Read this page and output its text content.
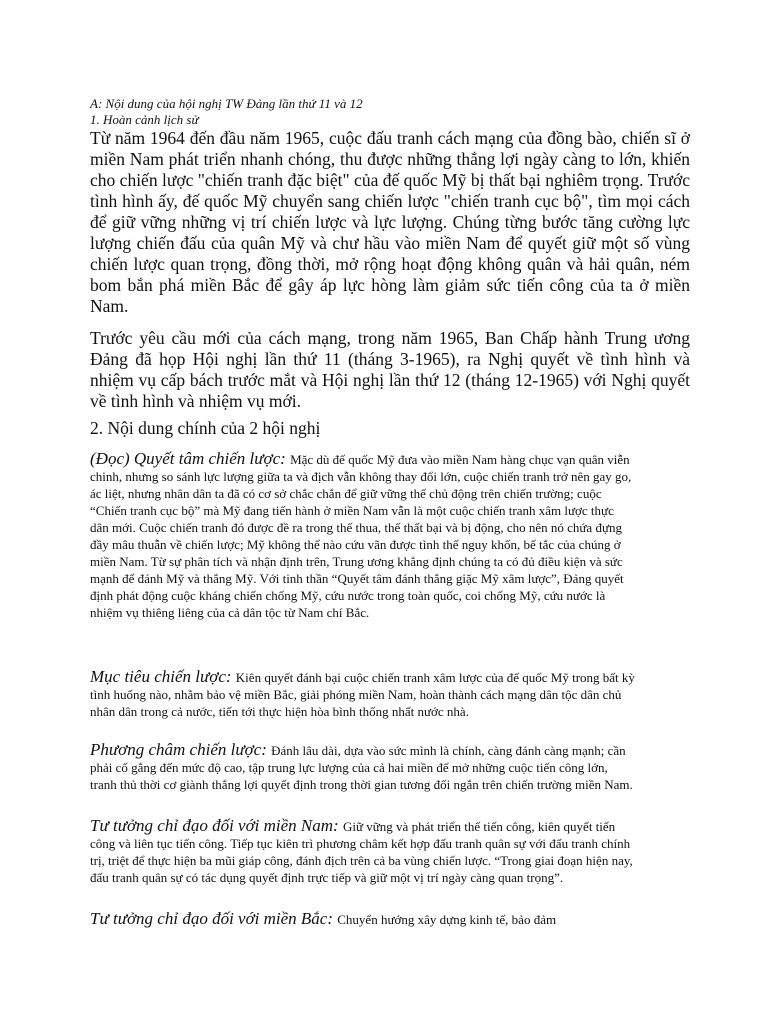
A: Nội dung của hội nghị TW Đảng lần thứ 11 và 12
1. Hoàn cảnh lịch sử
Từ năm 1964 đến đầu năm 1965, cuộc đấu tranh cách mạng của đồng bào, chiến sĩ ở miền Nam phát triển nhanh chóng, thu được những thắng lợi ngày càng to lớn, khiến cho chiến lược "chiến tranh đặc biệt" của đế quốc Mỹ bị thất bại nghiêm trọng. Trước tình hình ấy, đế quốc Mỹ chuyển sang chiến lược "chiến tranh cục bộ", tìm mọi cách để giữ vững những vị trí chiến lược và lực lượng. Chúng từng bước tăng cường lực lượng chiến đấu của quân Mỹ và chư hầu vào miền Nam để quyết giữ một số vùng chiến lược quan trọng, đồng thời, mở rộng hoạt động không quân và hải quân, ném bom bắn phá miền Bắc để gây áp lực hòng làm giảm sức tiến công của ta ở miền Nam.
Trước yêu cầu mới của cách mạng, trong năm 1965, Ban Chấp hành Trung ương Đảng đã họp Hội nghị lần thứ 11 (tháng 3-1965), ra Nghị quyết về tình hình và nhiệm vụ cấp bách trước mắt và Hội nghị lần thứ 12 (tháng 12-1965) với Nghị quyết về tình hình và nhiệm vụ mới.
2. Nội dung chính của 2 hội nghị
(Đọc) Quyết tâm chiến lược: Mặc dù đế quốc Mỹ đưa vào miền Nam hàng chục vạn quân viễn chinh, nhưng so sánh lực lượng giữa ta và địch vẫn không thay đổi lớn, cuộc chiến tranh trở nên gay go, ác liệt, nhưng nhân dân ta đã có cơ sở chắc chắn để giữ vững thế chủ động trên chiến trường; cuộc “Chiến tranh cục bộ” mà Mỹ đang tiến hành ở miền Nam vẫn là một cuộc chiến tranh xâm lược thực dân mới. Cuộc chiến tranh đó được đề ra trong thế thua, thế thất bại và bị động, cho nên nó chứa đựng đầy mâu thuẫn về chiến lược; Mỹ không thể nào cứu vãn được tình thế nguy khốn, bế tắc của chúng ở miền Nam. Từ sự phân tích và nhận định trên, Trung ương khẳng định chúng ta có đủ điều kiện và sức mạnh để đánh Mỹ và thắng Mỹ. Với tinh thần “Quyết tâm đánh thắng giặc Mỹ xâm lược”, Đảng quyết định phát động cuộc kháng chiến chống Mỹ, cứu nước trong toàn quốc, coi chống Mỹ, cứu nước là nhiệm vụ thiêng liêng của cả dân tộc từ Nam chí Bắc.
Mục tiêu chiến lược: Kiên quyết đánh bại cuộc chiến tranh xâm lược của đế quốc Mỹ trong bất kỳ tình huống nào, nhằm bảo vệ miền Bắc, giải phóng miền Nam, hoàn thành cách mạng dân tộc dân chủ nhân dân trong cả nước, tiến tới thực hiện hòa bình thống nhất nước nhà.
Phương châm chiến lược: Đánh lâu dài, dựa vào sức mình là chính, càng đánh càng mạnh; cần phải cố gắng đến mức độ cao, tập trung lực lượng của cả hai miền để mở những cuộc tiến công lớn, tranh thủ thời cơ giành thắng lợi quyết định trong thời gian tương đối ngắn trên chiến trường miền Nam.
Tư tưởng chỉ đạo đối với miền Nam: Giữ vững và phát triển thế tiến công, kiên quyết tiến công và liên tục tiến công. Tiếp tục kiên trì phương châm kết hợp đấu tranh quân sự với đấu tranh chính trị, triệt để thực hiện ba mũi giáp công, đánh địch trên cả ba vùng chiến lược. “Trong giai đoạn hiện nay, đấu tranh quân sự có tác dụng quyết định trực tiếp và giữ một vị trí ngày càng quan trọng”.
Tư tưởng chỉ đạo đối với miền Bắc: Chuyển hướng xây dựng kinh tế, bảo đảm
